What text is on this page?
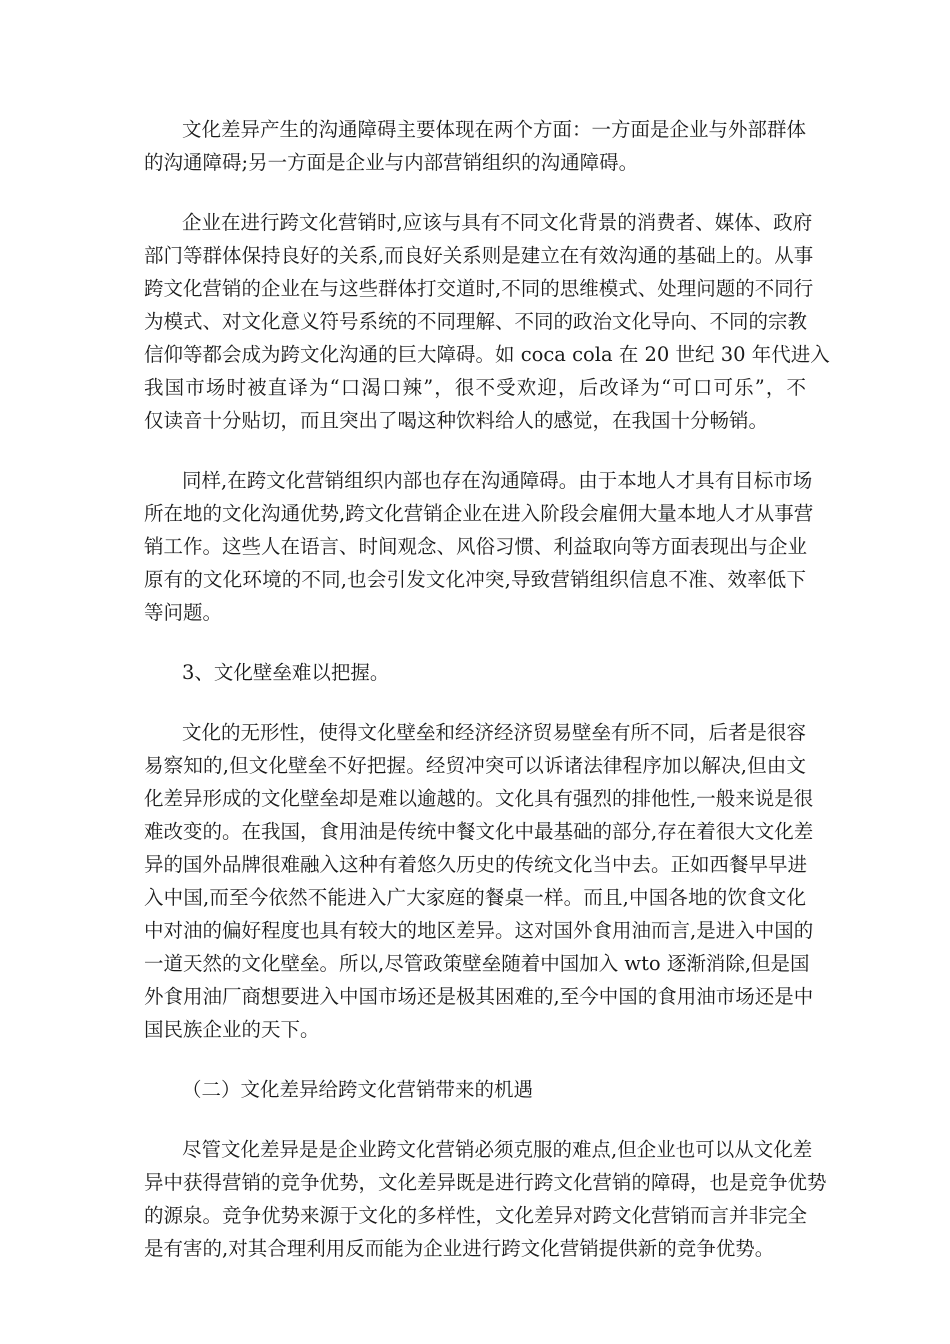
文化差异产生的沟通障碍主要体现在两个方面：一方面是企业与外部群体
的沟通障碍;另一方面是企业与内部营销组织的沟通障碍。
企业在进行跨文化营销时,应该与具有不同文化背景的消费者、媒体、政府
部门等群体保持良好的关系,而良好关系则是建立在有效沟通的基础上的。从事
跨文化营销的企业在与这些群体打交道时,不同的思维模式、处理问题的不同行
为模式、对文化意义符号系统的不同理解、不同的政治文化导向、不同的宗教
信仰等都会成为跨文化沟通的巨大障碍。如 coca cola 在 20 世纪 30 年代进入
我国市场时被直译为“口渴口辣”，很不受欢迎，后改译为“可口可乐”，不
仅读音十分贴切，而且突出了喝这种饮料给人的感觉，在我国十分畅销。
同样,在跨文化营销组织内部也存在沟通障碍。由于本地人才具有目标市场
所在地的文化沟通优势,跨文化营销企业在进入阶段会雇佣大量本地人才从事营
销工作。这些人在语言、时间观念、风俗习惯、利益取向等方面表现出与企业
原有的文化环境的不同,也会引发文化冲突,导致营销组织信息不准、效率低下
等问题。
3、文化壁垒难以把握。
文化的无形性，使得文化壁垒和经济经济贸易壁垒有所不同，后者是很容
易察知的,但文化壁垒不好把握。经贸冲突可以诉诸法律程序加以解决,但由文
化差异形成的文化壁垒却是难以逾越的。文化具有强烈的排他性,一般来说是很
难改变的。在我国，食用油是传统中餐文化中最基础的部分,存在着很大文化差
异的国外品牌很难融入这种有着悠久历史的传统文化当中去。正如西餐早早进
入中国,而至今依然不能进入广大家庭的餐桌一样。而且,中国各地的饮食文化
中对油的偏好程度也具有较大的地区差异。这对国外食用油而言,是进入中国的
一道天然的文化壁垒。所以,尽管政策壁垒随着中国加入 wto 逐渐消除,但是国
外食用油厂商想要进入中国市场还是极其困难的,至今中国的食用油市场还是中
国民族企业的天下。
（二）文化差异给跨文化营销带来的机遇
尽管文化差异是是企业跨文化营销必须克服的难点,但企业也可以从文化差
异中获得营销的竞争优势，文化差异既是进行跨文化营销的障碍，也是竞争优势
的源泉。竞争优势来源于文化的多样性，文化差异对跨文化营销而言并非完全
是有害的,对其合理利用反而能为企业进行跨文化营销提供新的竞争优势。
